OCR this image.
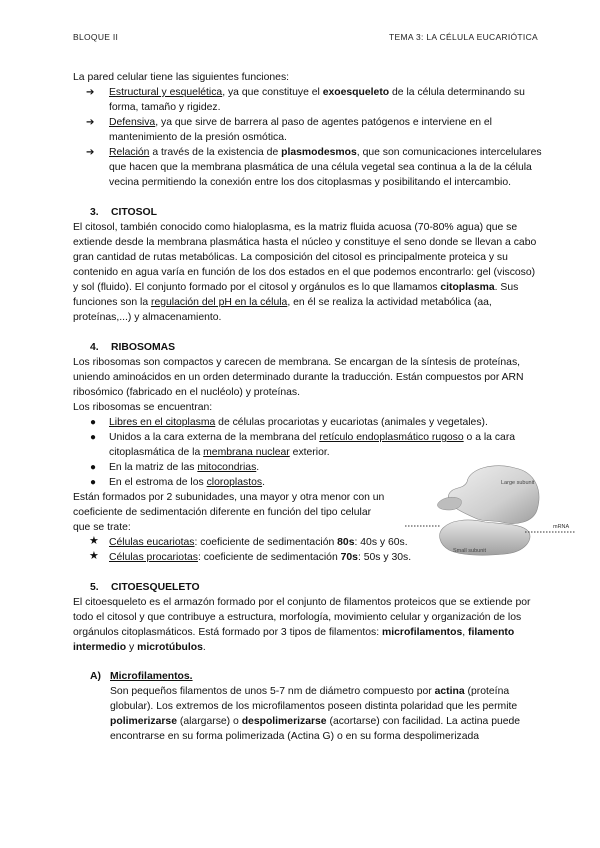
BLOQUE II	TEMA 3: LA CÉLULA EUCARIÓTICA

La pared celular tiene las siguientes funciones:

➔ Estructural y esquelética, ya que constituye el exoesqueleto de la célula determinando su forma, tamaño y rigidez.
➔ Defensiva, ya que sirve de barrera al paso de agentes patógenos e interviene en el mantenimiento de la presión osmótica.
➔ Relación a través de la existencia de plasmodesmos, que son comunicaciones intercelulares que hacen que la membrana plasmática de una célula vegetal sea continua a la de la célula vecina permitiendo la conexión entre los dos citoplasmas y posibilitando el intercambio.
3. CITOSOL

El citosol, también conocido como hialoplasma, es la matriz fluida acuosa (70-80% agua) que se extiende desde la membrana plasmática hasta el núcleo y constituye el seno donde se llevan a cabo gran cantidad de rutas metabólicas. La composición del citosol es principalmente proteica y su contenido en agua varía en función de los dos estados en el que podemos encontrarlo: gel (viscoso) y sol (fluido). El conjunto formado por el citosol y orgánulos es lo que llamamos citoplasma. Sus funciones son la regulación del pH en la célula, en él se realiza la actividad metabólica (aa, proteínas,...) y almacenamiento.

4. RIBOSOMAS

Los ribosomas son compactos y carecen de membrana. Se encargan de la síntesis de proteínas, uniendo aminoácidos en un orden determinado durante la traducción. Están compuestos por ARN ribosómico (fabricado en el nucléolo) y proteínas.

Los ribosomas se encuentran:

● Libres en el citoplasma de células procariotas y eucariotas (animales y vegetales).
● Unidos a la cara externa de la membrana del retículo endoplasmático rugoso o a la cara citoplasmática de la membrana nuclear exterior.
● En la matriz de las mitocondrias.
● En el estroma de los cloroplastos.

Están formados por 2 subunidades, una mayor y otra menor con un coeficiente de sedimentación diferente en función del tipo celular que se trate:

★ Células eucariotas: coeficiente de sedimentación 80s: 40s y 60s.
★ Células procariotas: coeficiente de sedimentación 70s: 50s y 30s.
5. CITOESQUELETO

El citoesqueleto es el armazón formado por el conjunto de filamentos proteicos que se extiende por todo el citosol y que contribuye a estructura, morfología, movimiento celular y organización de los orgánulos citoplasmáticos. Está formado por 3 tipos de filamentos: microfilamentos, filamento intermedio y microtúbulos.

A) Microfilamentos.

Son pequeños filamentos de unos 5-7 nm de diámetro compuesto por actina (proteína globular). Los extremos de los microfilamentos poseen distinta polaridad que les permite polimerizarse (alargarse) o despolimerizarse (acortarse) con facilidad. La actina puede encontrarse en su forma polimerizada (Actina G) o en su forma despolimerizada

Large subunit
Small subunit
mRNA
